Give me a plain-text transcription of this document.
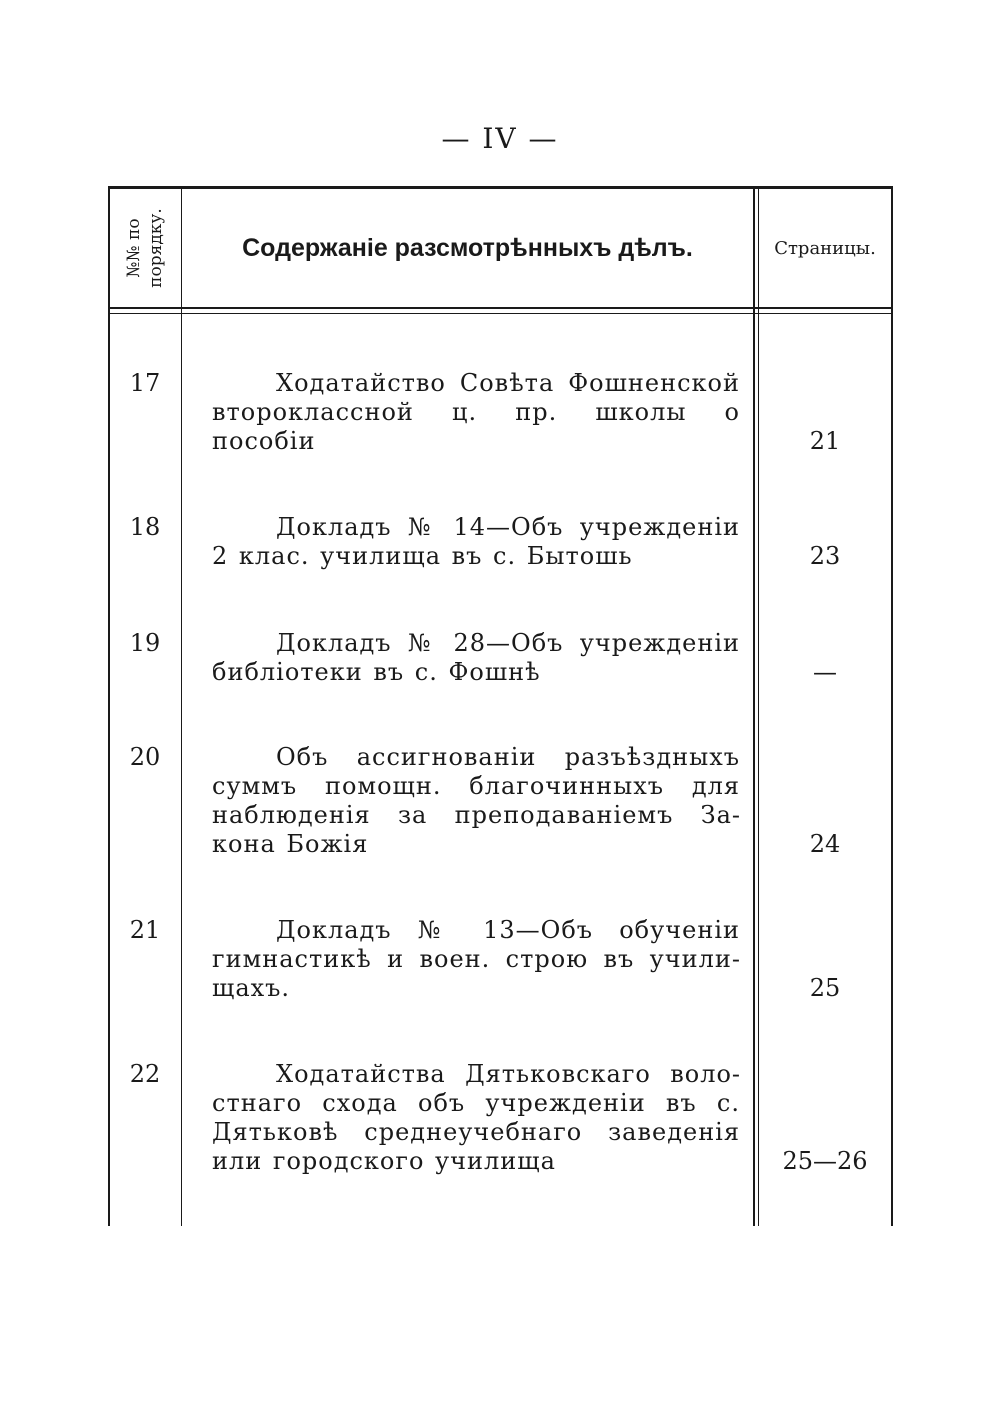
— IV —
№№ по порядку.	Содержаніе разсмотрѣнныхъ дѣлъ.	Страницы.
17	Ходатайство Совѣта Фошненской второклассной ц. пр. школы о пособіи	21
18	Докладъ № 14—Объ учрежденіи 2 клас. училища въ с. Бытошь	23
19	Докладъ № 28—Объ учрежденіи библіотеки въ с. Фошнѣ	—
20	Объ ассигнованіи разъѣздныхъ суммъ помощн. благочинныхъ для наблюденія за преподаваніемъ Закона Божія	24
21	Докладъ № 13—Объ обученіи гимнастикѣ и воен. строю въ училищахъ.	25
22	Ходатайства Дятьковскаго волостнаго схода объ учрежденіи въ с. Дятьковѣ среднеучебнаго заведенія или городского училища	25—26
